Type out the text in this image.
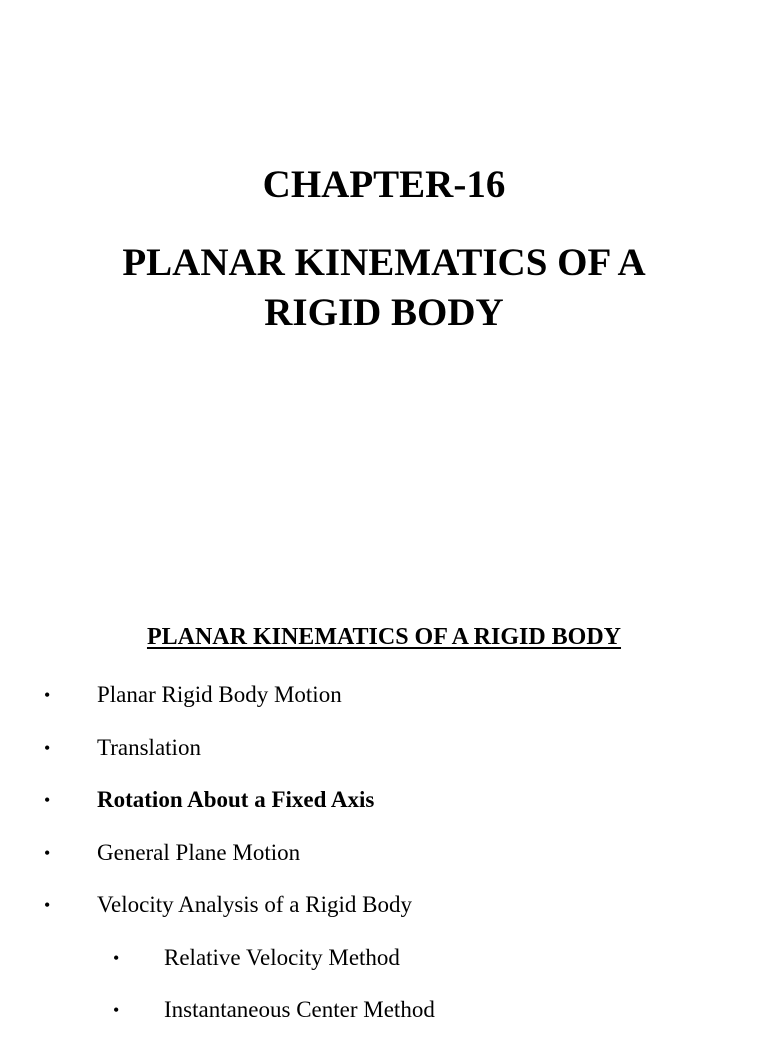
CHAPTER-16
PLANAR KINEMATICS OF A
RIGID BODY
PLANAR KINEMATICS OF A RIGID BODY
• Planar Rigid Body Motion
• Translation
• Rotation About a Fixed Axis
• General Plane Motion
• Velocity Analysis of a Rigid Body
• Relative Velocity Method
• Instantaneous Center Method
